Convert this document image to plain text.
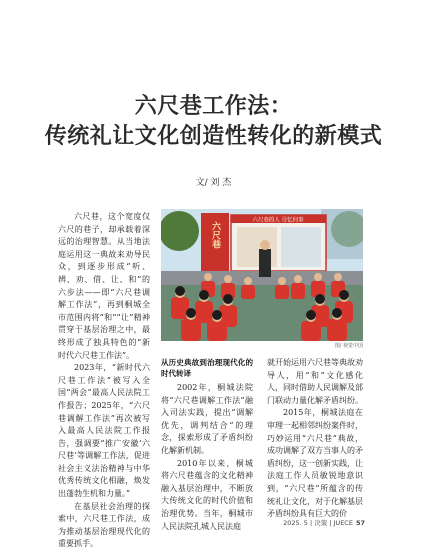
六尺巷工作法：
传统礼让文化创造性转化的新模式
文/ 刘 杰

六尺巷，这个宽度仅六尺的巷子，却承载着深远的治理智慧。从当地法庭运用这一典故来劝导民众，到逐步形成“听、辨、劝、借、让、和”的六步法——即“六尺巷调解工作法”，再到桐城全市范围内将“和”“让”精神贯穿于基层治理之中，最终形成了独具特色的“新时代六尺巷工作法”。

2023年，“新时代六尺巷工作法”被写入全国“两会”最高人民法院工作报告；2025年，“六尺巷调解工作法”再次被写入最高人民法院工作报告，强调要“推广安徽‘六尺巷’等调解工作法，促进社会主义法治精神与中华优秀传统文化相融，焕发出蓬勃生机和力量。”

在基层社会治理的探索中，六尺巷工作法，成为推动基层治理现代化的重要抓手。

六尺巷
六尺巷的人 尽忆何事
图/ 视觉中国
从历史典故到治理现代化的时代转译

2002年，桐城法院将“六尺巷调解工作法”融入司法实践，提出“调解优先，调判结合”的理念，探索形成了矛盾纠纷化解新机制。

2010年以来，桐城将六尺巷蕴含的文化精神融入基层治理中，不断放大传统文化的时代价值和治理优势。当年，桐城市人民法院孔城人民法庭

就开始运用六尺巷等典故劝导人，用“和”文化感化人，同时借助人民调解及部门联动力量化解矛盾纠纷。

2015年，桐城法庭在审理一起相邻纠纷案件时，巧妙运用“六尺巷”典故，成功调解了双方当事人的矛盾纠纷，这一创新实践，让法庭工作人员敏锐地意识到，“六尺巷”所蕴含的传统礼让文化，对于化解基层矛盾纠纷具有巨大的价

2025. 5 | 决策 | JUECE 57
